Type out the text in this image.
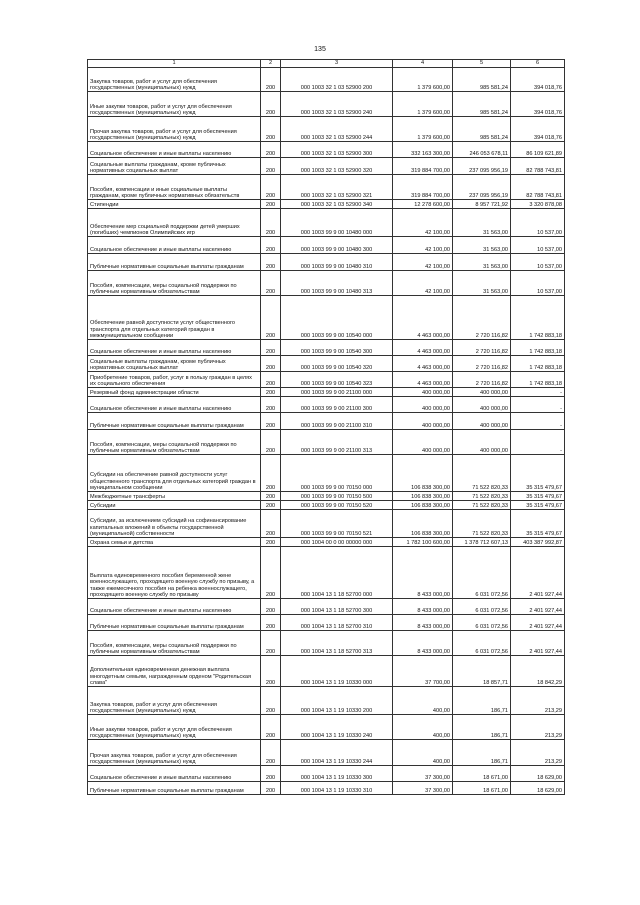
135
1	2	3	4	5	6
Закупка товаров, работ и услуг для обеспечения государственных (муниципальных) нужд	200	000 1003 32 1 03 52900 200	1 379 600,00	985 581,24	394 018,76
Иные закупки товаров, работ и услуг для обеспечения государственных (муниципальных) нужд	200	000 1003 32 1 03 52900 240	1 379 600,00	985 581,24	394 018,76
Прочая закупка товаров, работ и услуг для обеспечения государственных (муниципальных) нужд	200	000 1003 32 1 03 52900 244	1 379 600,00	985 581,24	394 018,76
Социальное обеспечение и иные выплаты населению	200	000 1003 32 1 03 52900 300	332 163 300,00	246 053 678,11	86 109 621,89
Социальные выплаты гражданам, кроме публичных нормативных социальных выплат	200	000 1003 32 1 03 52900 320	319 884 700,00	237 095 956,19	82 788 743,81
Пособия, компенсации и иные социальные выплаты гражданам, кроме публичных нормативных обязательств	200	000 1003 32 1 03 52900 321	319 884 700,00	237 095 956,19	82 788 743,81
Стипендии	200	000 1003 32 1 03 52900 340	12 278 600,00	8 957 721,92	3 320 878,08
Обеспечение мер социальной поддержки детей умерших (погибших) чемпионов Олимпийских игр	200	000 1003 99 9 00 10480 000	42 100,00	31 563,00	10 537,00
Социальное обеспечение и иные выплаты населению	200	000 1003 99 9 00 10480 300	42 100,00	31 563,00	10 537,00
Публичные нормативные социальные выплаты гражданам	200	000 1003 99 9 00 10480 310	42 100,00	31 563,00	10 537,00
Пособия, компенсации, меры социальной поддержки по публичным нормативным обязательствам	200	000 1003 99 9 00 10480 313	42 100,00	31 563,00	10 537,00
Обеспечение равной доступности услуг общественного транспорта для отдельных категорий граждан в межмуниципальном сообщении	200	000 1003 99 9 00 10540 000	4 463 000,00	2 720 116,82	1 742 883,18
Социальное обеспечение и иные выплаты населению	200	000 1003 99 9 00 10540 300	4 463 000,00	2 720 116,82	1 742 883,18
Социальные выплаты гражданам, кроме публичных нормативных социальных выплат	200	000 1003 99 9 00 10540 320	4 463 000,00	2 720 116,82	1 742 883,18
Приобретение товаров, работ, услуг в пользу граждан в целях их социального обеспечения	200	000 1003 99 9 00 10540 323	4 463 000,00	2 720 116,82	1 742 883,18
Резервный фонд администрации области	200	000 1003 99 9 00 21100 000	400 000,00	400 000,00	-
Социальное обеспечение и иные выплаты населению	200	000 1003 99 9 00 21100 300	400 000,00	400 000,00	-
Публичные нормативные социальные выплаты гражданам	200	000 1003 99 9 00 21100 310	400 000,00	400 000,00	-
Пособия, компенсации, меры социальной поддержки по публичным нормативным обязательствам	200	000 1003 99 9 00 21100 313	400 000,00	400 000,00	-
Субсидии на обеспечение равной доступности услуг общественного транспорта для отдельных категорий граждан в муниципальном сообщении	200	000 1003 99 9 00 70150 000	106 838 300,00	71 522 820,33	35 315 479,67
Межбюджетные трансферты	200	000 1003 99 9 00 70150 500	106 838 300,00	71 522 820,33	35 315 479,67
Субсидии	200	000 1003 99 9 00 70150 520	106 838 300,00	71 522 820,33	35 315 479,67
Субсидии, за исключением субсидий на софинансирование капитальных вложений в объекты государственной (муниципальной) собственности	200	000 1003 99 9 00 70150 521	106 838 300,00	71 522 820,33	35 315 479,67
Охрана семьи и детства	200	000 1004 00 0 00 00000 000	1 782 100 600,00	1 378 712 607,13	403 387 992,87
Выплата единовременного пособия беременной жене военнослужащего, проходящего военную службу по призыву, а также ежемесячного пособия на ребенка военнослужащего, проходящего военную службу по призыву	200	000 1004 13 1 18 52700 000	8 433 000,00	6 031 072,56	2 401 927,44
Социальное обеспечение и иные выплаты населению	200	000 1004 13 1 18 52700 300	8 433 000,00	6 031 072,56	2 401 927,44
Публичные нормативные социальные выплаты гражданам	200	000 1004 13 1 18 52700 310	8 433 000,00	6 031 072,56	2 401 927,44
Пособия, компенсации, меры социальной поддержки по публичным нормативным обязательствам	200	000 1004 13 1 18 52700 313	8 433 000,00	6 031 072,56	2 401 927,44
Дополнительная единовременная денежная выплата многодетным семьям, награжденным орденом "Родительская слава"	200	000 1004 13 1 19 10330 000	37 700,00	18 857,71	18 842,29
Закупка товаров, работ и услуг для обеспечения государственных (муниципальных) нужд	200	000 1004 13 1 19 10330 200	400,00	186,71	213,29
Иные закупки товаров, работ и услуг для обеспечения государственных (муниципальных) нужд	200	000 1004 13 1 19 10330 240	400,00	186,71	213,29
Прочая закупка товаров, работ и услуг для обеспечения государственных (муниципальных) нужд	200	000 1004 13 1 19 10330 244	400,00	186,71	213,29
Социальное обеспечение и иные выплаты населению	200	000 1004 13 1 19 10330 300	37 300,00	18 671,00	18 629,00
Публичные нормативные социальные выплаты гражданам	200	000 1004 13 1 19 10330 310	37 300,00	18 671,00	18 629,00
